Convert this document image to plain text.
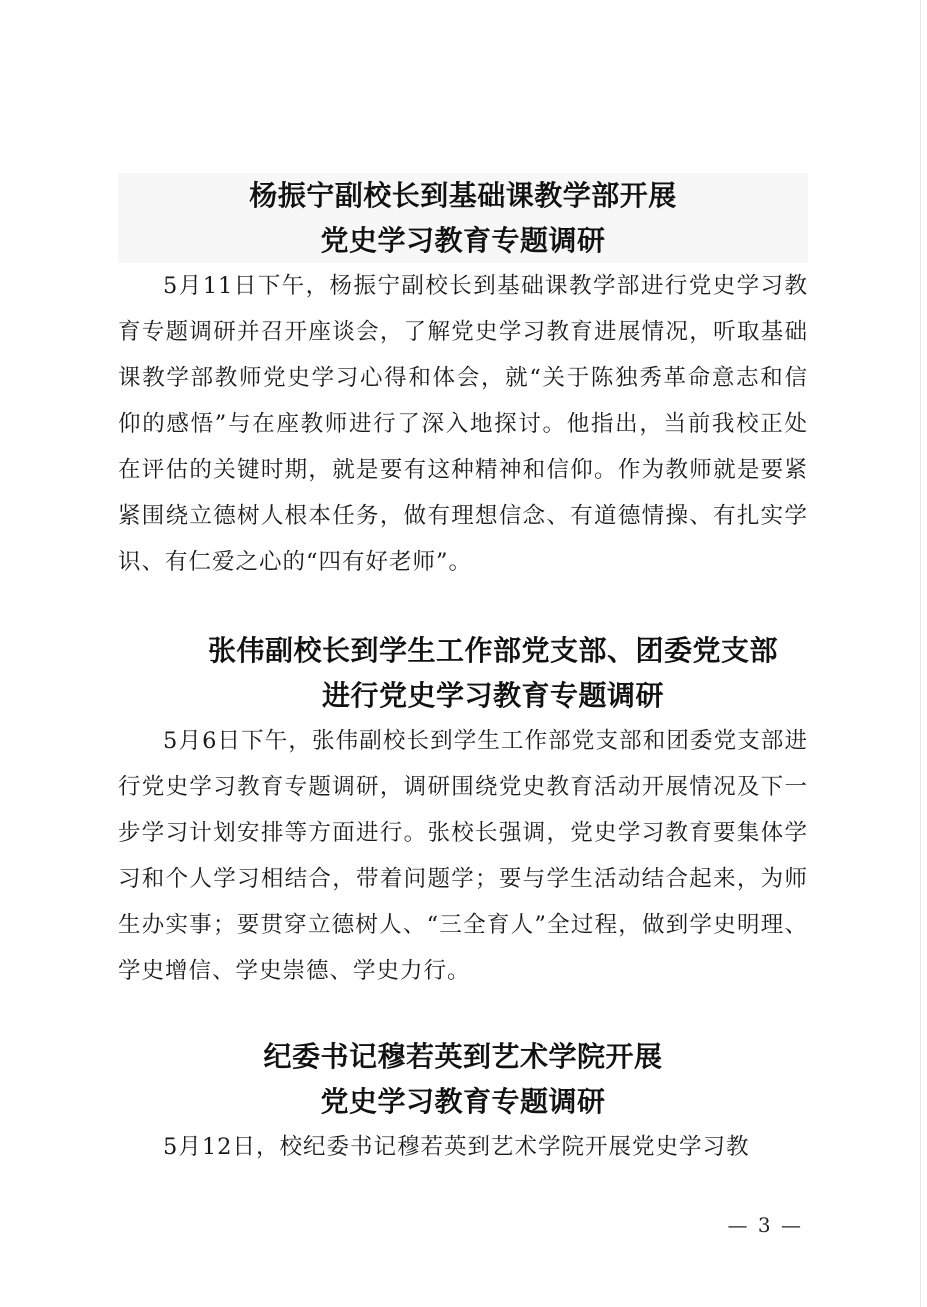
杨振宁副校长到基础课教学部开展
党史学习教育专题调研

5月11日下午，杨振宁副校长到基础课教学部进行党史学习教育专题调研并召开座谈会，了解党史学习教育进展情况，听取基础课教学部教师党史学习心得和体会，就“关于陈独秀革命意志和信仰的感悟”与在座教师进行了深入地探讨。他指出，当前我校正处在评估的关键时期，就是要有这种精神和信仰。作为教师就是要紧紧围绕立德树人根本任务，做有理想信念、有道德情操、有扎实学识、有仁爱之心的“四有好老师”。

张伟副校长到学生工作部党支部、团委党支部
进行党史学习教育专题调研

5月6日下午，张伟副校长到学生工作部党支部和团委党支部进行党史学习教育专题调研，调研围绕党史教育活动开展情况及下一步学习计划安排等方面进行。张校长强调，党史学习教育要集体学习和个人学习相结合，带着问题学；要与学生活动结合起来，为师生办实事；要贯穿立德树人、“三全育人”全过程，做到学史明理、学史增信、学史崇德、学史力行。

纪委书记穆若英到艺术学院开展
党史学习教育专题调研

5月12日，校纪委书记穆若英到艺术学院开展党史学习教

— 3 —
